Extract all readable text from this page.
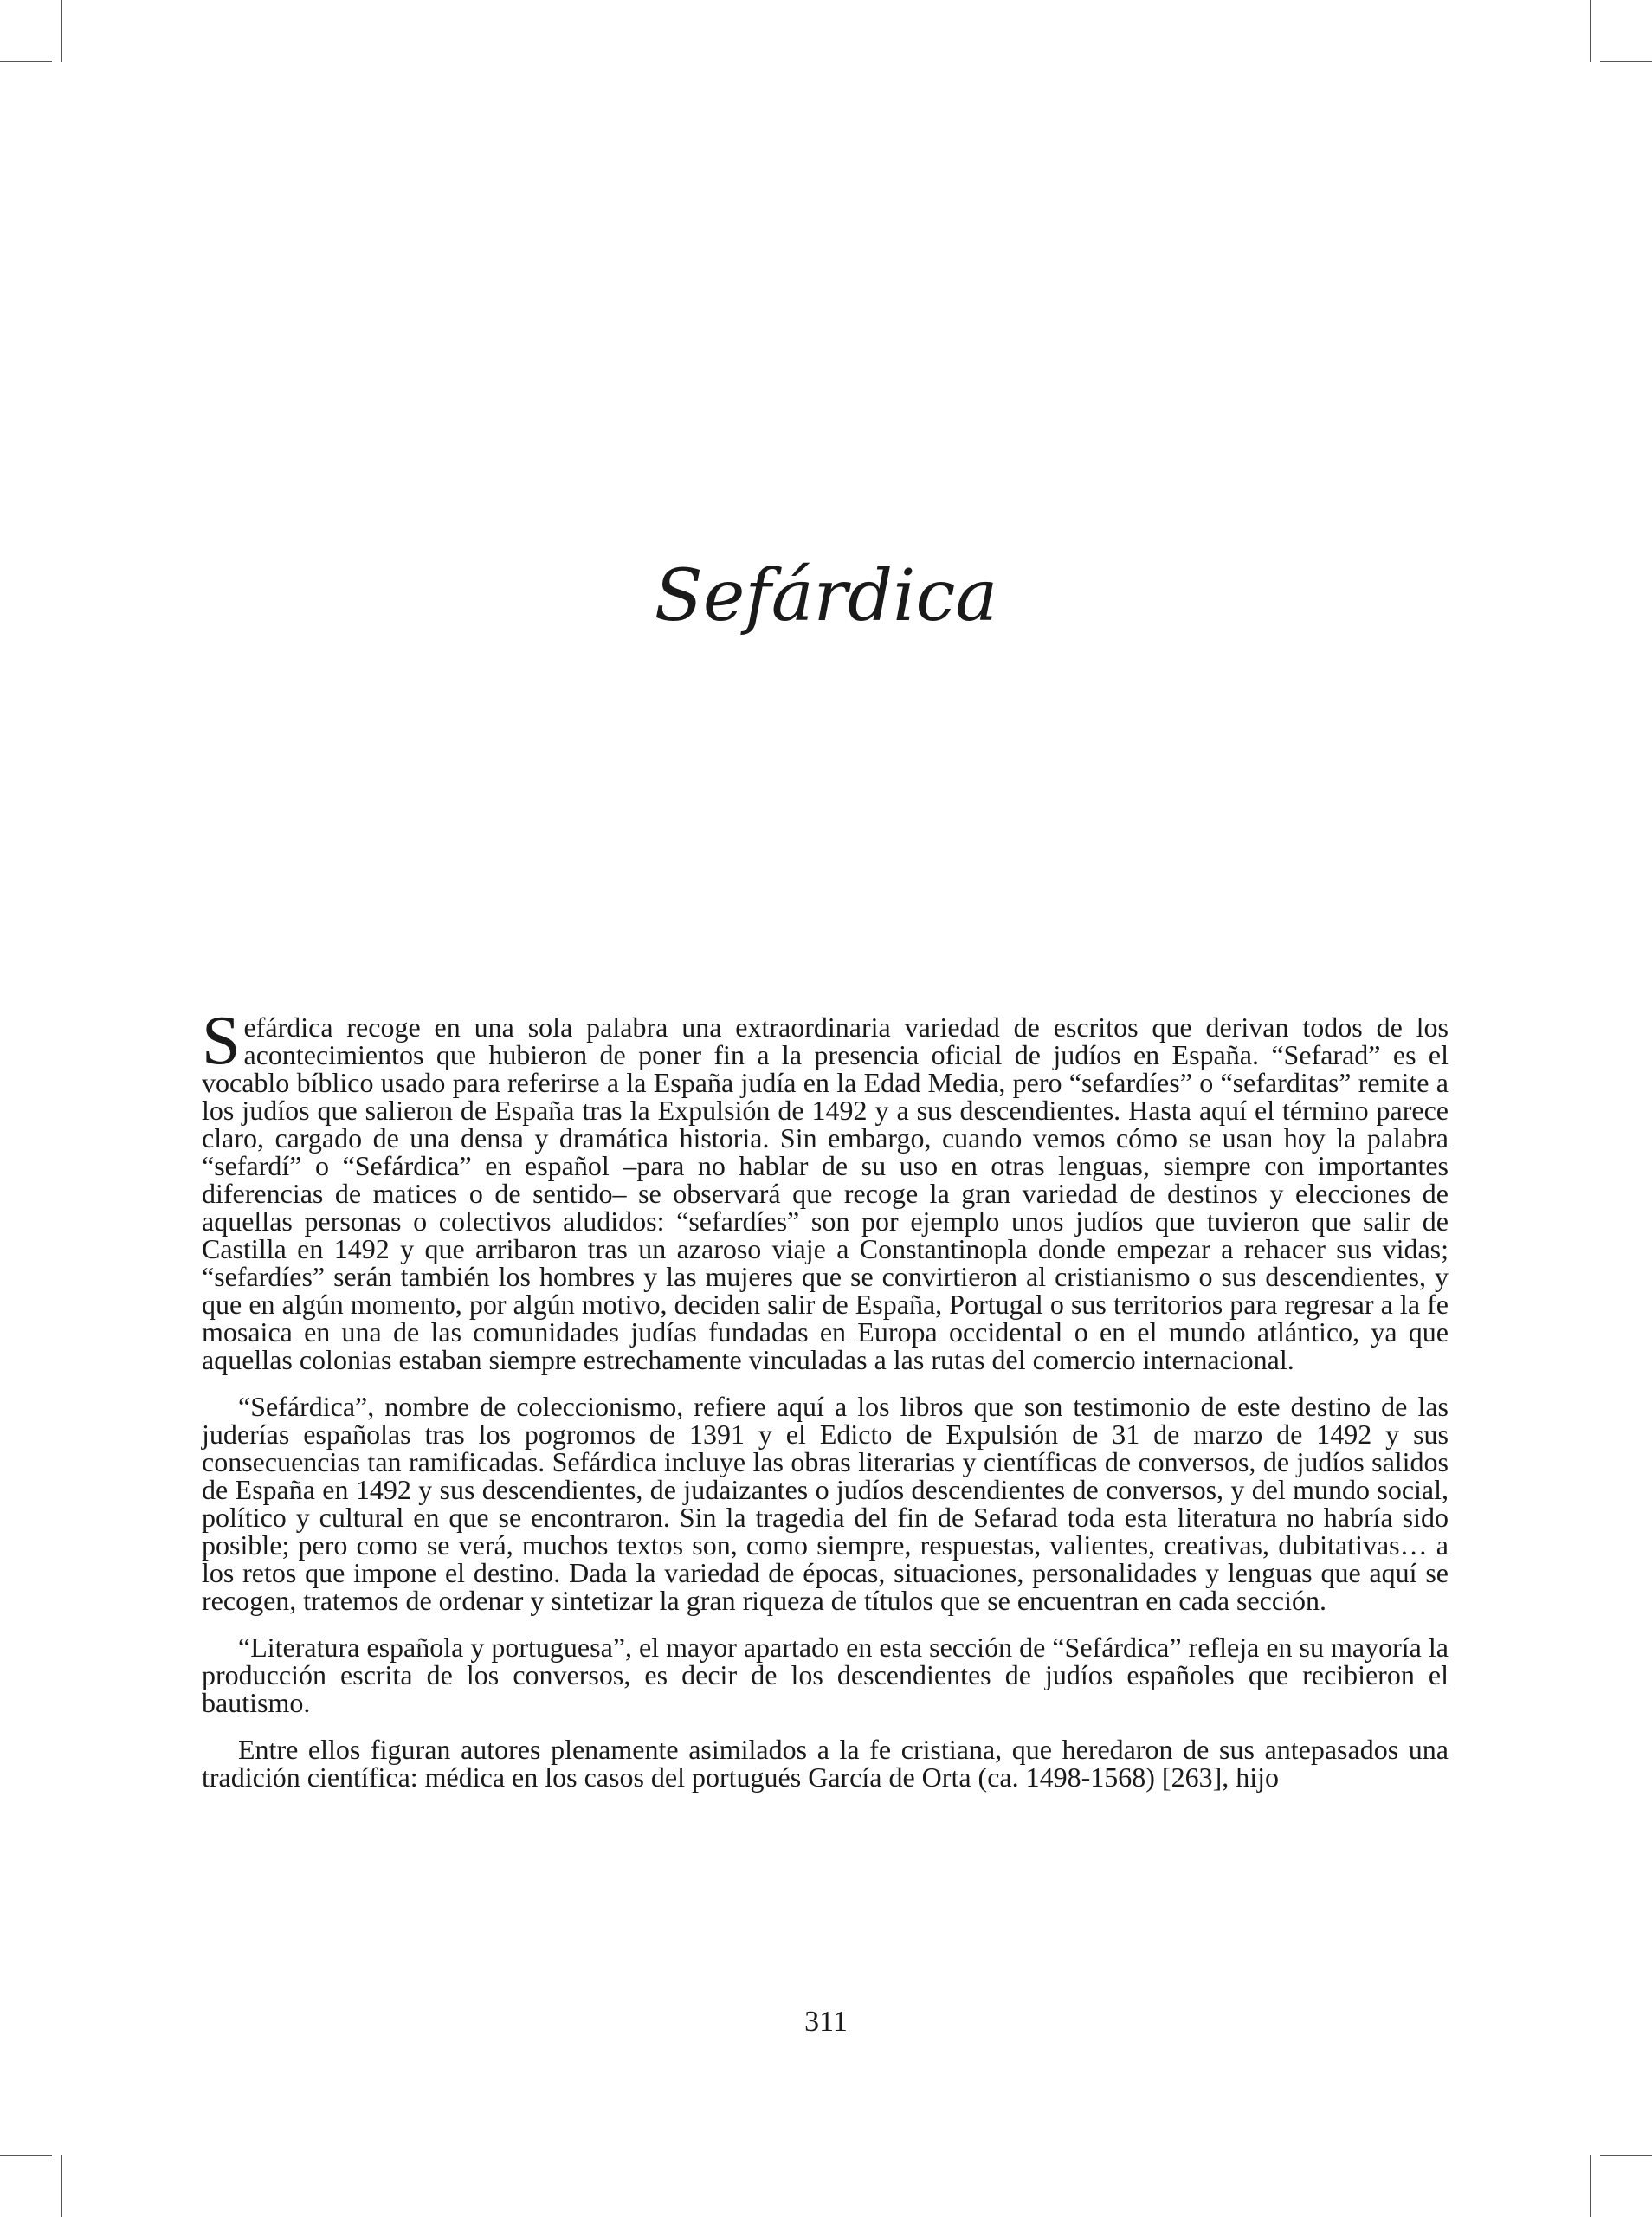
Sefárdica

Sefárdica recoge en una sola palabra una extraordinaria variedad de escritos que derivan todos de los acontecimientos que hubieron de poner fin a la presencia oficial de judíos en España. “Sefarad” es el vocablo bíblico usado para referirse a la España judía en la Edad Media, pero “sefardíes” o “sefarditas” remite a los judíos que salieron de España tras la Expulsión de 1492 y a sus descendientes. Hasta aquí el término parece claro, cargado de una densa y dramática historia. Sin embargo, cuando vemos cómo se usan hoy la palabra “sefardí” o “Sefárdica” en español –para no hablar de su uso en otras lenguas, siempre con importantes diferencias de matices o de sentido– se observará que recoge la gran variedad de destinos y elecciones de aquellas personas o colectivos aludidos: “sefardíes” son por ejemplo unos judíos que tuvieron que salir de Castilla en 1492 y que arribaron tras un azaroso viaje a Constantinopla donde empezar a rehacer sus vidas; “sefardíes” serán también los hombres y las mujeres que se convirtieron al cristianismo o sus descendientes, y que en algún momento, por algún motivo, deciden salir de España, Portugal o sus territorios para regresar a la fe mosaica en una de las comunidades judías fundadas en Europa occidental o en el mundo atlántico, ya que aquellas colonias estaban siempre estrechamente vinculadas a las rutas del comercio internacional.

“Sefárdica”, nombre de coleccionismo, refiere aquí a los libros que son testimonio de este destino de las juderías españolas tras los pogromos de 1391 y el Edicto de Expulsión de 31 de marzo de 1492 y sus consecuencias tan ramificadas. Sefárdica incluye las obras literarias y científicas de conversos, de judíos salidos de España en 1492 y sus descendientes, de judaizantes o judíos descendientes de conversos, y del mundo social, político y cultural en que se encontraron. Sin la tragedia del fin de Sefarad toda esta literatura no habría sido posible; pero como se verá, muchos textos son, como siempre, respuestas, valientes, creativas, dubitativas… a los retos que impone el destino. Dada la variedad de épocas, situaciones, personalidades y lenguas que aquí se recogen, tratemos de ordenar y sintetizar la gran riqueza de títulos que se encuentran en cada sección.

“Literatura española y portuguesa”, el mayor apartado en esta sección de “Sefárdica” refleja en su mayoría la producción escrita de los conversos, es decir de los descendientes de judíos españoles que recibieron el bautismo.

Entre ellos figuran autores plenamente asimilados a la fe cristiana, que heredaron de sus antepasados una tradición científica: médica en los casos del portugués García de Orta (ca. 1498-1568) [263], hijo

311
